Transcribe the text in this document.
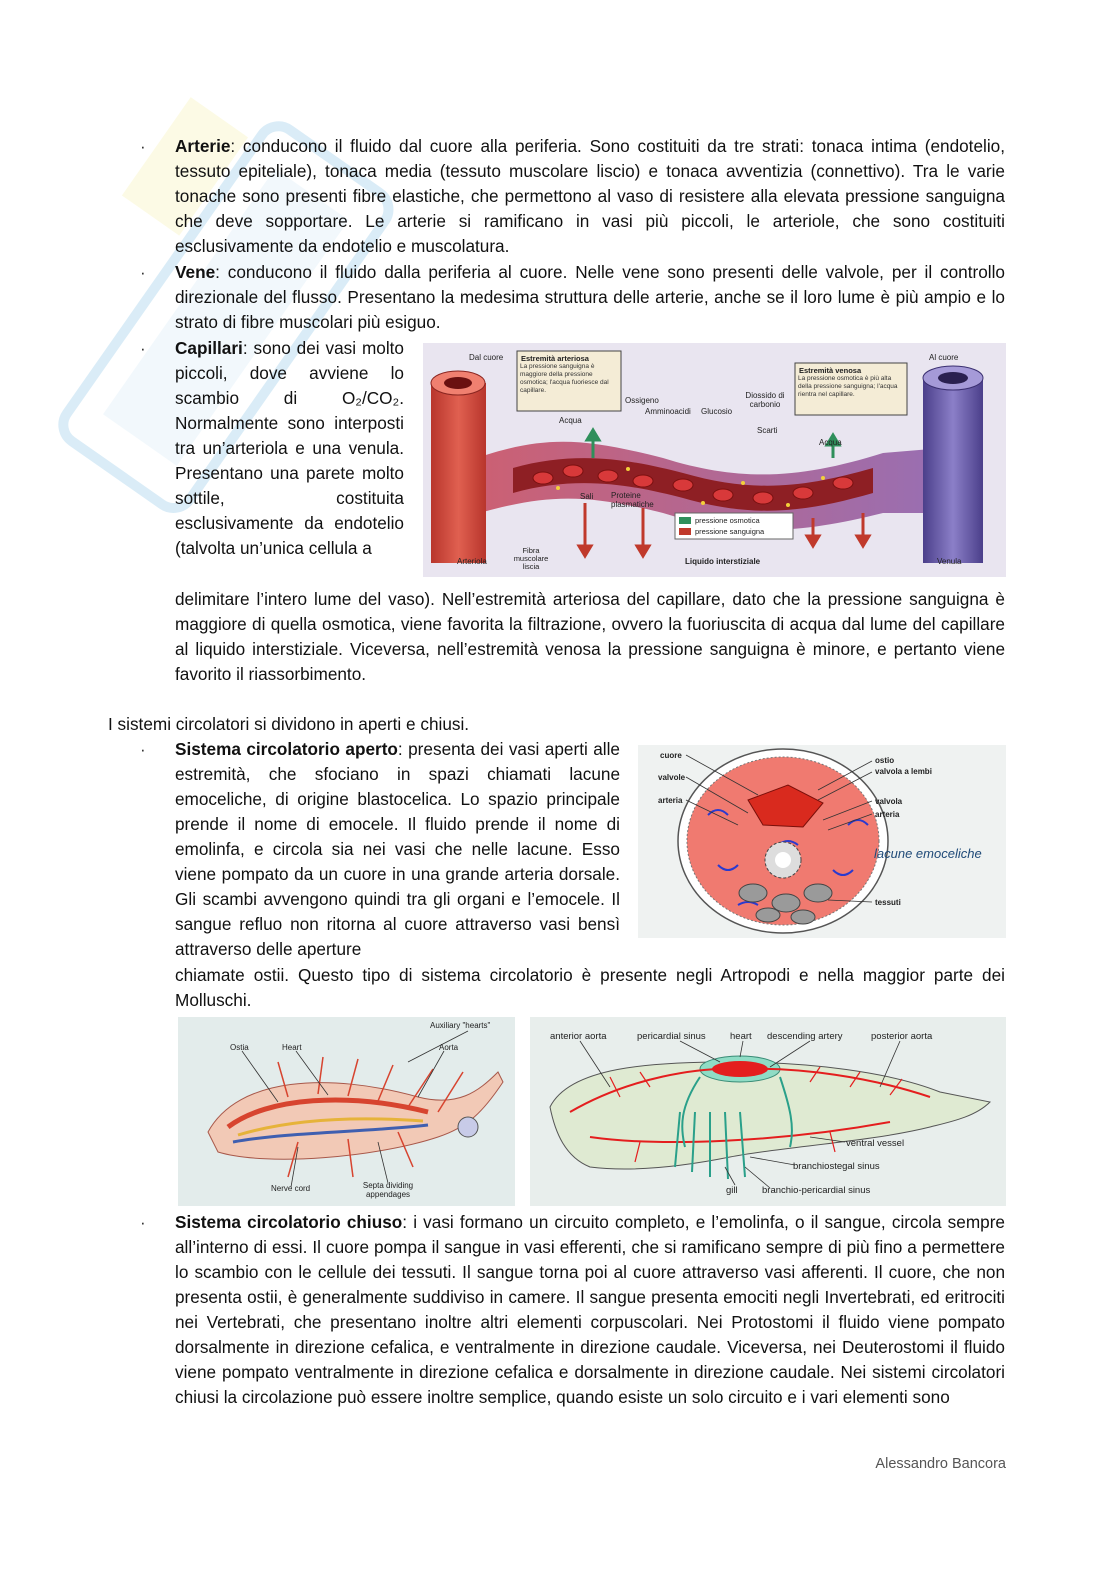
· Arterie: conducono il fluido dal cuore alla periferia. Sono costituiti da tre strati: tonaca intima (endotelio, tessuto epiteliale), tonaca media (tessuto muscolare liscio) e tonaca avventizia (connettivo). Tra le varie tonache sono presenti fibre elastiche, che permettono al vaso di resistere alla elevata pressione sanguigna che deve sopportare. Le arterie si ramificano in vasi più piccoli, le arteriole, che sono costituiti esclusivamente da endotelio e muscolatura.
· Vene: conducono il fluido dalla periferia al cuore. Nelle vene sono presenti delle valvole, per il controllo direzionale del flusso. Presentano la medesima struttura delle arterie, anche se il loro lume è più ampio e lo strato di fibre muscolari più esiguo.
· Capillari: sono dei vasi molto piccoli, dove avviene lo scambio di O₂/CO₂. Normalmente sono interposti tra un’arteriola e una venula. Presentano una parete molto sottile, costituita esclusivamente da endotelio (talvolta un’unica cellula a
delimitare l’intero lume del vaso). Nell’estremità arteriosa del capillare, dato che la pressione sanguigna è maggiore di quella osmotica, viene favorita la filtrazione, ovvero la fuoriuscita di acqua dal lume del capillare al liquido interstiziale. Viceversa, nell’estremità venosa la pressione sanguigna è minore, e pertanto viene favorito il riassorbimento.
Dal cuore	Al cuore
Estremità arteriosa
La pressione sanguigna è maggiore della pressione osmotica; l'acqua fuoriesce dal capillare.
Estremità venosa
La pressione osmotica è più alta della pressione sanguigna; l'acqua rientra nel capillare.
Acqua
Ossigeno
Amminoacidi Glucosio
Diossido di carbonio
Scarti
Acqua
Sali Proteine plasmatiche
pressione osmotica
pressione sanguigna
Fibra muscolare liscia
Arteriola	Liquido interstiziale	Venula
I sistemi circolatori si dividono in aperti e chiusi.
· Sistema circolatorio aperto: presenta dei vasi aperti alle estremità, che sfociano in spazi chiamati lacune emoceliche, di origine blastocelica. Lo spazio principale prende il nome di emocele. Il fluido prende il nome di emolinfa, e circola sia nei vasi che nelle lacune. Esso viene pompato da un cuore in una grande arteria dorsale. Gli scambi avvengono quindi tra gli organi e l’emocele. Il sangue refluo non ritorna al cuore attraverso vasi bensì attraverso delle aperture
chiamate ostii. Questo tipo di sistema circolatorio è presente negli Artropodi e nella maggior parte dei Molluschi.
cuore
valvole
arteria
ostio
valvola a lembi
valvola
arteria
lacune emoceliche
tessuti
Auxiliary "hearts"
Ostia	Heart	Aorta
Nerve cord	Septa dividing appendages
anterior aorta	pericardial sinus	heart descending artery	posterior aorta
ventral vessel
branchiostegal sinus
gill	branchio-pericardial sinus
· Sistema circolatorio chiuso: i vasi formano un circuito completo, e l’emolinfa, o il sangue, circola sempre all’interno di essi. Il cuore pompa il sangue in vasi efferenti, che si ramificano sempre di più fino a permettere lo scambio con le cellule dei tessuti. Il sangue torna poi al cuore attraverso vasi afferenti. Il cuore, che non presenta ostii, è generalmente suddiviso in camere. Il sangue presenta emociti negli Invertebrati, ed eritrociti nei Vertebrati, che presentano inoltre altri elementi corpuscolari. Nei Protostomi il fluido viene pompato dorsalmente in direzione cefalica, e ventralmente in direzione caudale. Viceversa, nei Deuterostomi il fluido viene pompato ventralmente in direzione cefalica e dorsalmente in direzione caudale. Nei sistemi circolatori chiusi la circolazione può essere inoltre semplice, quando esiste un solo circuito e i vari elementi sono
Alessandro Bancora
